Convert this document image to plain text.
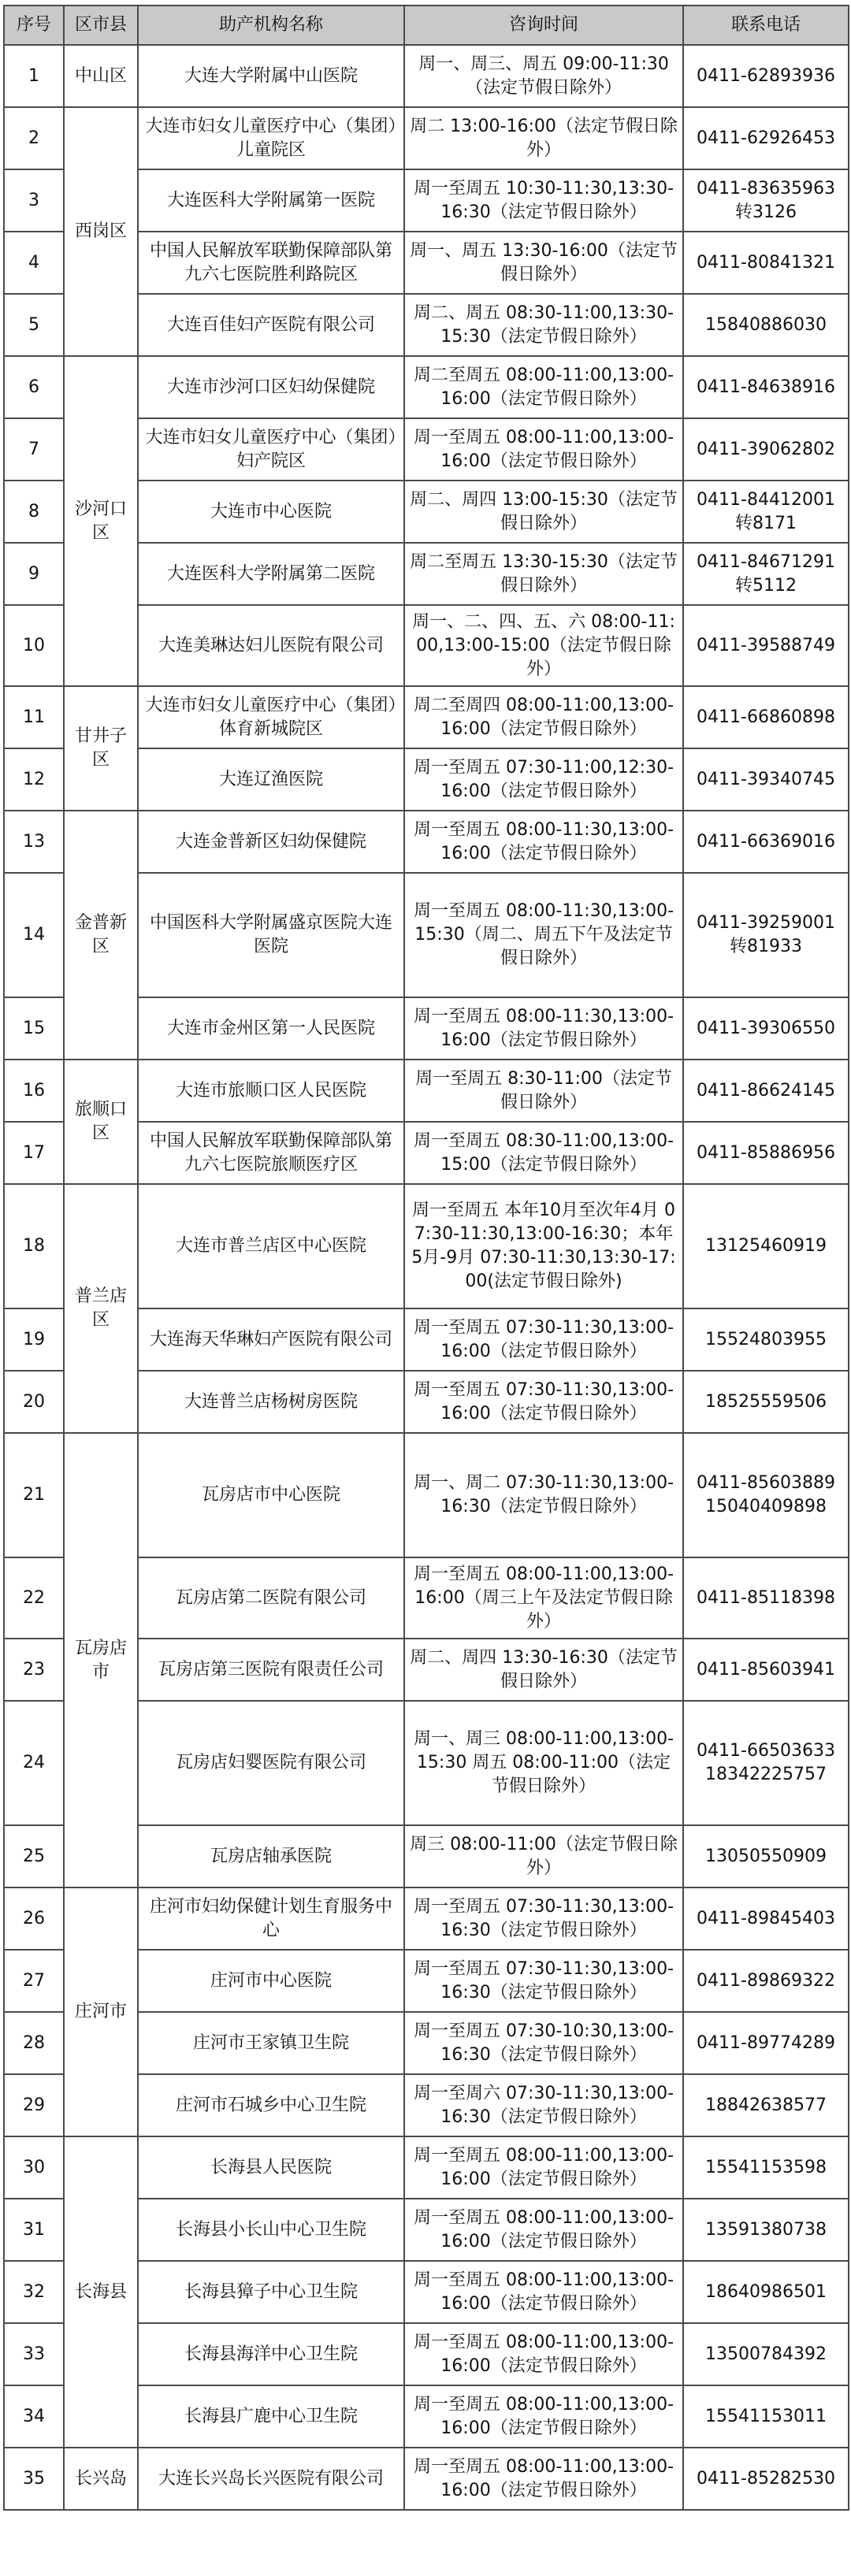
序号	区市县	助产机构名称	咨询时间	联系电话
1	中山区	大连大学附属中山医院	周一、周三、周五 09:00-11:30（法定节假日除外）	0411-62893936
2	西岗区	大连市妇女儿童医疗中心（集团）儿童院区	周二 13:00-16:00（法定节假日除外）	0411-62926453
3		大连医科大学附属第一医院	周一至周五 10:30-11:30,13:30-16:30（法定节假日除外）	0411-83635963转3126
4		中国人民解放军联勤保障部队第九六七医院胜利路院区	周一、周五 13:30-16:00（法定节假日除外）	0411-80841321
5		大连百佳妇产医院有限公司	周二、周五 08:30-11:00,13:30-15:30（法定节假日除外）	15840886030
6	沙河口区	大连市沙河口区妇幼保健院	周二至周五 08:00-11:00,13:00-16:00（法定节假日除外）	0411-84638916
7		大连市妇女儿童医疗中心（集团）妇产院区	周一至周五 08:00-11:00,13:00-16:00（法定节假日除外）	0411-39062802
8		大连市中心医院	周二、周四 13:00-15:30（法定节假日除外）	0411-84412001转8171
9		大连医科大学附属第二医院	周二至周五 13:30-15:30（法定节假日除外）	0411-84671291转5112
10		大连美琳达妇儿医院有限公司	周一、二、四、五、六 08:00-11:00,13:00-15:00（法定节假日除外）	0411-39588749
11	甘井子区	大连市妇女儿童医疗中心（集团）体育新城院区	周二至周四 08:00-11:00,13:00-16:00（法定节假日除外）	0411-66860898
12		大连辽渔医院	周一至周五 07:30-11:00,12:30-16:00（法定节假日除外）	0411-39340745
13	金普新区	大连金普新区妇幼保健院	周一至周五 08:00-11:30,13:00-16:00（法定节假日除外）	0411-66369016
14		中国医科大学附属盛京医院大连医院	周一至周五 08:00-11:30,13:00-15:30（周二、周五下午及法定节假日除外）	0411-39259001转81933
15		大连市金州区第一人民医院	周一至周五 08:00-11:30,13:00-16:00（法定节假日除外）	0411-39306550
16	旅顺口区	大连市旅顺口区人民医院	周一至周五 8:30-11:00（法定节假日除外）	0411-86624145
17		中国人民解放军联勤保障部队第九六七医院旅顺医疗区	周一至周五 08:30-11:00,13:00-15:00（法定节假日除外）	0411-85886956
18	普兰店区	大连市普兰店区中心医院	周一至周五 本年10月至次年4月 07:30-11:30,13:00-16:30；本年5月-9月 07:30-11:30,13:30-17:00(法定节假日除外)	13125460919
19		大连海天华琳妇产医院有限公司	周一至周五 07:30-11:30,13:00-16:00（法定节假日除外）	15524803955
20		大连普兰店杨树房医院	周一至周五 07:30-11:30,13:00-16:00（法定节假日除外）	18525559506
21	瓦房店市	瓦房店市中心医院	周一、周二 07:30-11:30,13:00-16:30（法定节假日除外）	0411-85603889 15040409898
22		瓦房店第二医院有限公司	周一至周五 08:00-11:00,13:00-16:00（周三上午及法定节假日除外）	0411-85118398
23		瓦房店第三医院有限责任公司	周二、周四 13:30-16:30（法定节假日除外）	0411-85603941
24		瓦房店妇婴医院有限公司	周一、周三 08:00-11:00,13:00-15:30 周五 08:00-11:00（法定节假日除外）	0411-66503633 18342225757
25		瓦房店轴承医院	周三 08:00-11:00（法定节假日除外）	13050550909
26	庄河市	庄河市妇幼保健计划生育服务中心	周一至周五 07:30-11:30,13:00-16:30（法定节假日除外）	0411-89845403
27		庄河市中心医院	周一至周五 07:30-11:30,13:00-16:30（法定节假日除外）	0411-89869322
28		庄河市王家镇卫生院	周一至周五 07:30-10:30,13:00-16:30（法定节假日除外）	0411-89774289
29		庄河市石城乡中心卫生院	周一至周六 07:30-11:30,13:00-16:30（法定节假日除外）	18842638577
30	长海县	长海县人民医院	周一至周五 08:00-11:00,13:00-16:00（法定节假日除外）	15541153598
31		长海县小长山中心卫生院	周一至周五 08:00-11:00,13:00-16:00（法定节假日除外）	13591380738
32		长海县獐子中心卫生院	周一至周五 08:00-11:00,13:00-16:00（法定节假日除外）	18640986501
33		长海县海洋中心卫生院	周一至周五 08:00-11:00,13:00-16:00（法定节假日除外）	13500784392
34		长海县广鹿中心卫生院	周一至周五 08:00-11:00,13:00-16:00（法定节假日除外）	15541153011
35	长兴岛	大连长兴岛长兴医院有限公司	周一至周五 08:00-11:00,13:00-16:00（法定节假日除外）	0411-85282530
